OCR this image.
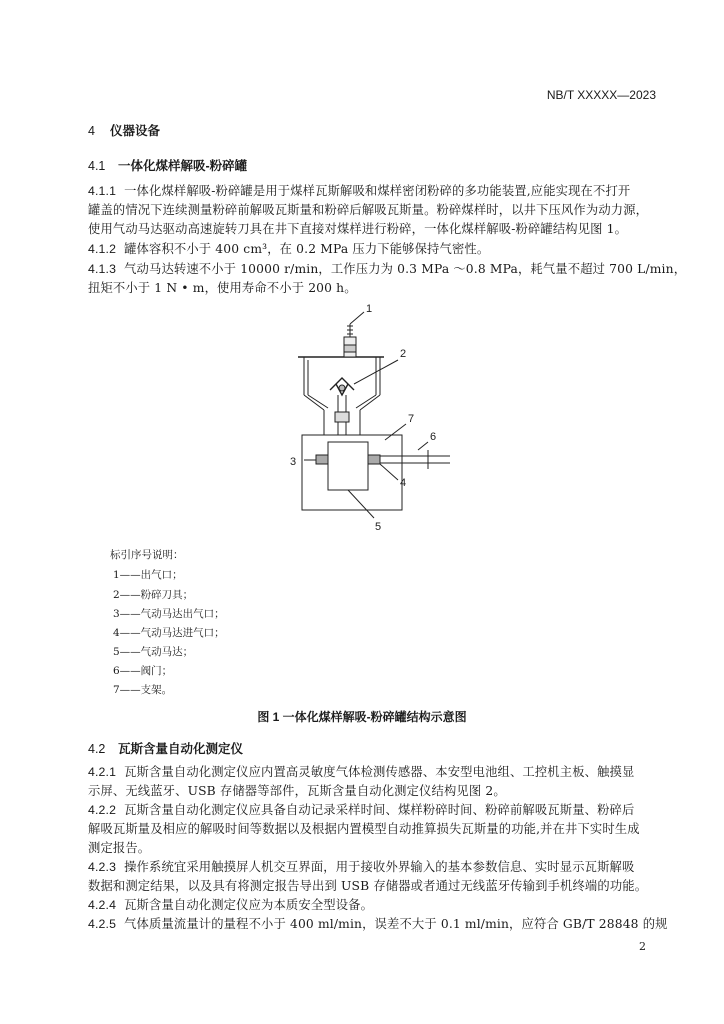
NB/T XXXXX—2023
4 仪器设备
4.1 一体化煤样解吸-粉碎罐
4.1.1 一体化煤样解吸-粉碎罐是用于煤样瓦斯解吸和煤样密闭粉碎的多功能装置,应能实现在不打开
罐盖的情况下连续测量粉碎前解吸瓦斯量和粉碎后解吸瓦斯量。粉碎煤样时，以井下压风作为动力源，
使用气动马达驱动高速旋转刀具在井下直接对煤样进行粉碎，一体化煤样解吸-粉碎罐结构见图 1。
4.1.2 罐体容积不小于 400 cm³，在 0.2 MPa 压力下能够保持气密性。
4.1.3 气动马达转速不小于 10000 r/min，工作压力为 0.3 MPa ～0.8 MPa，耗气量不超过 700 L/min，
扭矩不小于 1 N • m，使用寿命不小于 200 h。
1
2
3
4
5
6
7
标引序号说明：
1——出气口；
2——粉碎刀具；
3——气动马达出气口；
4——气动马达进气口；
5——气动马达；
6——阀门；
7——支架。
图 1 一体化煤样解吸-粉碎罐结构示意图
4.2 瓦斯含量自动化测定仪
4.2.1 瓦斯含量自动化测定仪应内置高灵敏度气体检测传感器、本安型电池组、工控机主板、触摸显
示屏、无线蓝牙、USB 存储器等部件，瓦斯含量自动化测定仪结构见图 2。
4.2.2 瓦斯含量自动化测定仪应具备自动记录采样时间、煤样粉碎时间、粉碎前解吸瓦斯量、粉碎后
解吸瓦斯量及相应的解吸时间等数据以及根据内置模型自动推算损失瓦斯量的功能,并在井下实时生成
测定报告。
4.2.3 操作系统宜采用触摸屏人机交互界面，用于接收外界输入的基本参数信息、实时显示瓦斯解吸
数据和测定结果，以及具有将测定报告导出到 USB 存储器或者通过无线蓝牙传输到手机终端的功能。
4.2.4 瓦斯含量自动化测定仪应为本质安全型设备。
4.2.5 气体质量流量计的量程不小于 400 ml/min，误差不大于 0.1 ml/min，应符合 GB/T 28848 的规
2
